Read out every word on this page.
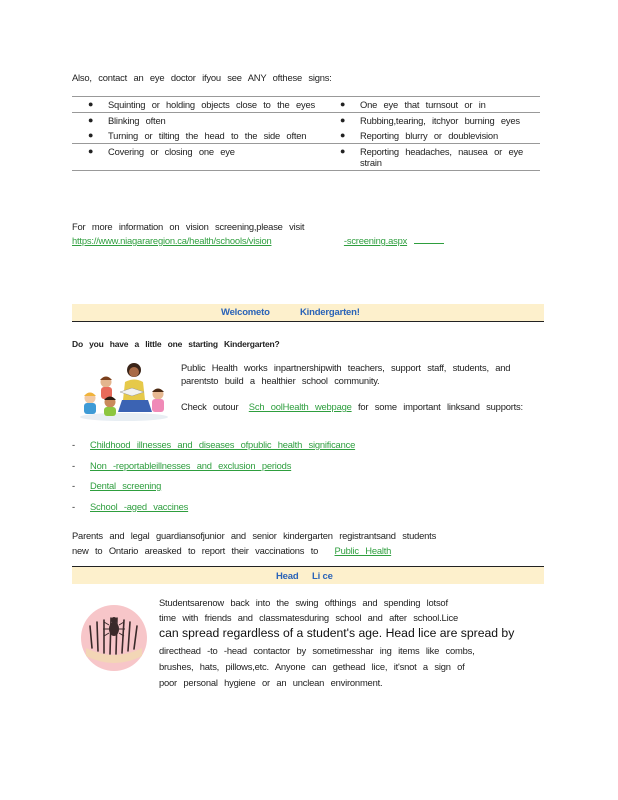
Also, contact an eye doctor ifyou see ANY ofthese signs:
● Squinting or holding objects close to the eyes	● One eye that turnsout or in

● Blinking often	● Rubbing,tearing, itchyor burning eyes

● Turning or tilting the head to the side often	● Reporting blurry or doublevision

● Covering or closing one eye	● Reporting headaches, nausea or eye strain
For more information on vision screening,please visit
https://www.niagararegion.ca/health/schools/vision	-screening.aspx
Welcometo	Kindergarten!
Do you have a little one starting Kindergarten?
Public Health works inpartnershipwith teachers, support staff, students, and parentsto build a healthier school community.
Check outour Sch oolHealth webpage for some important linksand supports:
-	Childhood illnesses and diseases ofpublic health significance
-	Non -reportableillnesses and exclusion periods
-	Dental screening
-	School -aged vaccines
Parents and legal guardiansofjunior and senior kindergarten registrantsand students
new to Ontario areasked to report their vaccinations to Public Health
Head Li ce
Studentsarenow back into the swing ofthings and spending lotsof
time with friends and classmatesduring school and after school.Lice
can spread regardless of a student's age. Head lice are spread by
directhead -to -head contactor by sometimesshar ing items like combs,
brushes, hats, pillows,etc. Anyone can gethead lice, it'snot a sign of
poor personal hygiene or an unclean environment.
